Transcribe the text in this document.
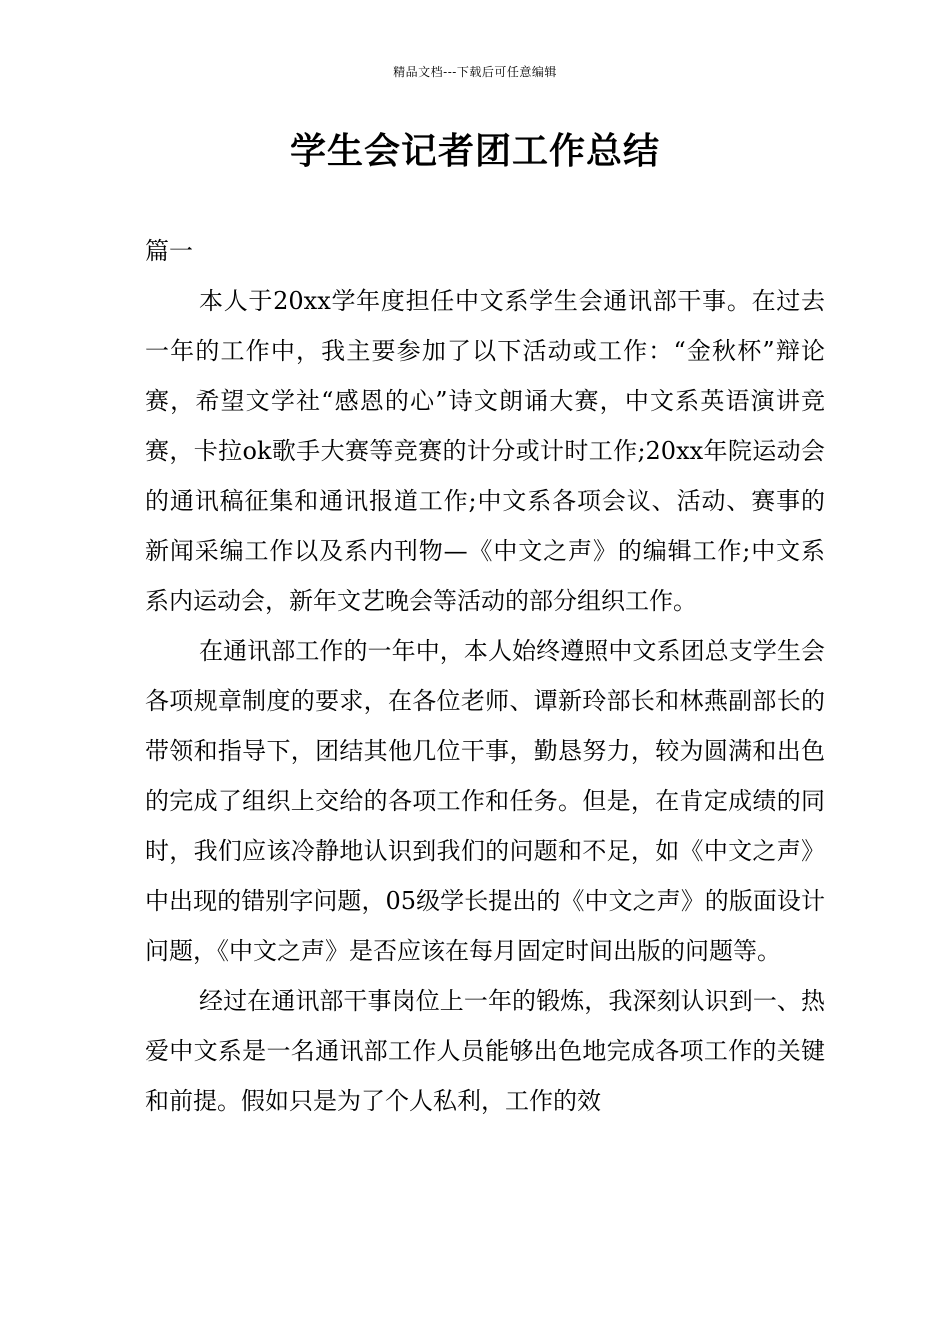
精品文档---下载后可任意编辑
学生会记者团工作总结

篇一

本人于20xx学年度担任中文系学生会通讯部干事。在过去一年的工作中，我主要参加了以下活动或工作：“金秋杯”辩论赛，希望文学社“感恩的心”诗文朗诵大赛，中文系英语演讲竞赛，卡拉ok歌手大赛等竞赛的计分或计时工作;20xx年院运动会的通讯稿征集和通讯报道工作;中文系各项会议、活动、赛事的新闻采编工作以及系内刊物—《中文之声》的编辑工作;中文系系内运动会，新年文艺晚会等活动的部分组织工作。

在通讯部工作的一年中，本人始终遵照中文系团总支学生会各项规章制度的要求，在各位老师、谭新玲部长和林燕副部长的带领和指导下，团结其他几位干事，勤恳努力，较为圆满和出色的完成了组织上交给的各项工作和任务。但是，在肯定成绩的同时，我们应该冷静地认识到我们的问题和不足，如《中文之声》中出现的错别字问题，05级学长提出的《中文之声》的版面设计问题，《中文之声》是否应该在每月固定时间出版的问题等。

经过在通讯部干事岗位上一年的锻炼，我深刻认识到一、热爱中文系是一名通讯部工作人员能够出色地完成各项工作的关键和前提。假如只是为了个人私利，工作的效
